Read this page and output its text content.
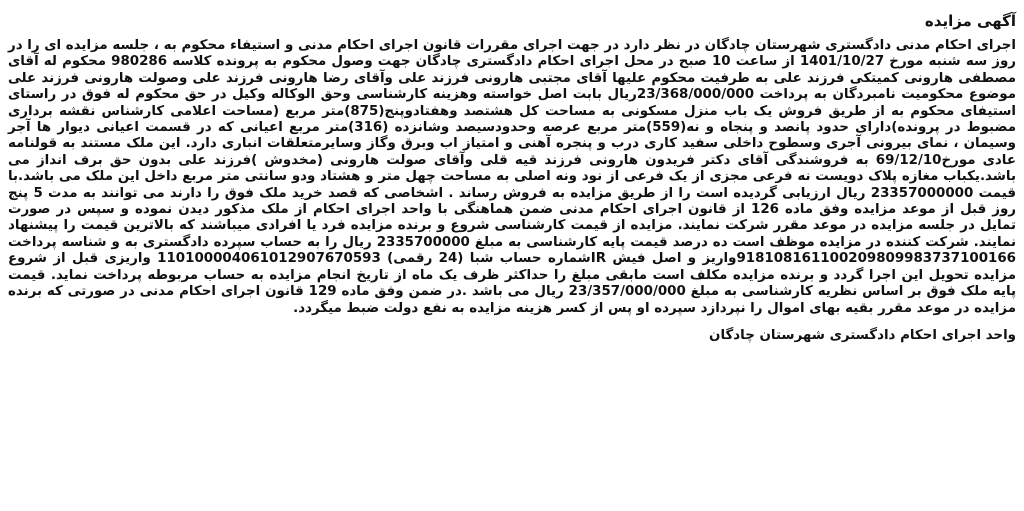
آگهی مزایده

اجرای احکام مدنی دادگستری شهرستان چادگان در نظر دارد در جهت اجرای مقررات قانون اجرای احکام مدنی و استیفاء محکوم به ، جلسه مزایده ای را در روز سه شنبه مورخ 1401/10/27 از ساعت 10 صبح در محل اجرای احکام دادگستری چادگان جهت وصول محکوم به پرونده کلاسه 980286 محکوم له آقای مصطفی هارونی کمیتکی فرزند علی به طرفیت محکوم علیها آقای مجتبی هارونی فرزند علی وآقای رضا هارونی فرزند علی وصولت هارونی فرزند علی موضوع محکومیت نامبردگان به پرداخت 23/368/000/000ریال بابت اصل خواسته وهزینه کارشناسی وحق الوکاله وکیل در حق محکوم له فوق در راستای استیفای محکوم به از طریق فروش یک باب منزل مسکونی به مساحت کل هشتصد وهفتادوپنج(875)متر مربع (مساحت اعلامی کارشناس نقشه برداری مضبوط در پرونده)دارای حدود پانصد و پنجاه و نه(559)متر مربع عرصه وحدودسیصد وشانزده (316)متر مربع اعیانی که در قسمت اعیانی دیوار ها آجر وسیمان ، نمای بیرونی آجری وسطوح داخلی سفید کاری درب و پنجره آهنی و امتیاز اب وبرق وگاز وسایرمتعلقات انباری دارد. این ملک مستند به قولنامه عادی مورخ69/12/10 به فروشندگی آقای دکتر فریدون هارونی فرزند قیه قلی وآقای صولت هارونی (مخدوش )فرزند علی بدون حق برف انداز می باشد.یکباب مغازه پلاک دویست نه فرعی مجزی از یک فرعی از نود ونه اصلی به مساحت چهل متر و هشتاد ودو سانتی متر مربع داخل این ملک می باشد.با قیمت 23357000000 ریال ارزیابی گردیده است را از طریق مزایده به فروش رساند . اشخاصی که قصد خرید ملک فوق را دارند می توانند به مدت 5 پنج روز قبل از موعد مزایده وفق ماده 126 از قانون اجرای احکام مدنی ضمن هماهنگی با واحد اجرای احکام از ملک مذکور دیدن نموده و سپس در صورت تمایل در جلسه مزایده در موعد مقرر شرکت نمایند. مزایده از قیمت کارشناسی شروع و برنده مزایده فرد یا افرادی میباشند که بالاترین قیمت را پیشنهاد نمایند. شرکت کننده در مزایده موظف است ده درصد قیمت پایه کارشناسی به مبلغ 2335700000 ریال را به حساب سپرده دادگستری به و شناسه پرداخت 918108161100209809983737100166واریز و اصل فیش IRشماره حساب شبا (24 رقمی) 110100004061012907670593 واریزی قبل از شروع مزایده تحویل این اجرا گردد و برنده مزایده مکلف است مابقی مبلغ را حداکثر ظرف یک ماه از تاریخ انجام مزایده به حساب مربوطه پرداخت نماید. قیمت پایه ملک فوق بر اساس نظریه کارشناسی به مبلغ 23/357/000/000 ریال می باشد .در ضمن وفق ماده 129 قانون اجرای احکام مدنی در صورتی که برنده مزایده در موعد مقرر بقیه بهای اموال را نپردازد سپرده او پس از کسر هزینه مزایده به نفع دولت ضبط میگردد.

واحد اجرای احکام دادگستری شهرستان چادگان
